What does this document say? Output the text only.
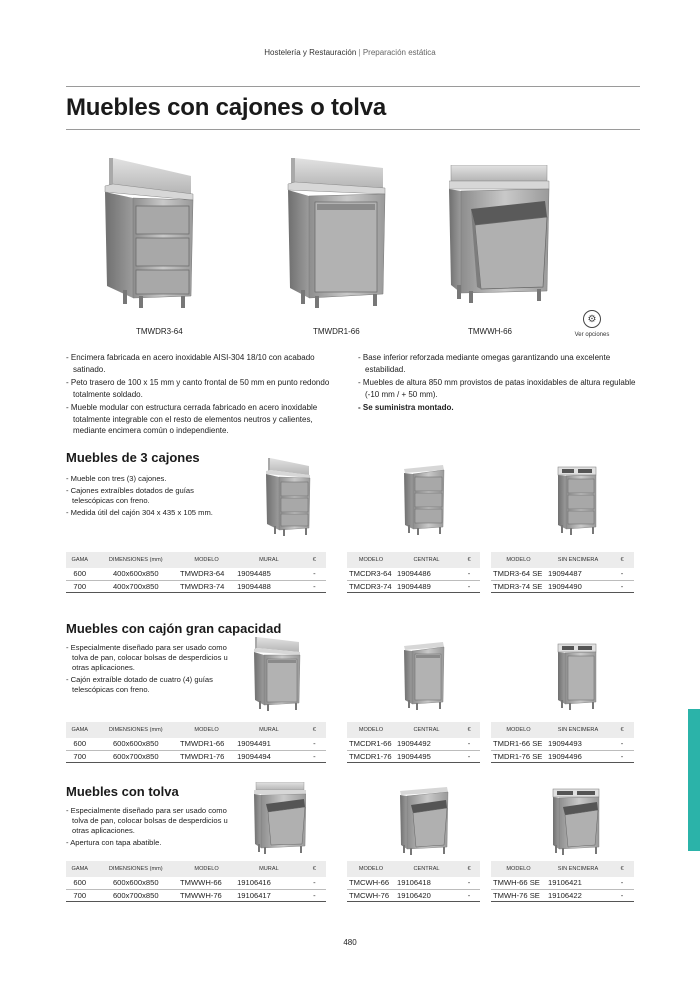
Hostelería y Restauración | Preparación estática
Muebles con cajones o tolva
TMWDR3-64	TMWDR1-66	TMWWH-66
⚙
Ver opciones
- Encimera fabricada en acero inoxidable AISI-304 18/10 con acabado satinado.
- Peto trasero de 100 x 15 mm y canto frontal de 50 mm en punto redondo totalmente soldado.
- Mueble modular con estructura cerrada fabricado en acero inoxidable totalmente integrable con el resto de elementos neutros y calientes, mediante encimera común o independiente.
- Base inferior reforzada mediante omegas garantizando una excelente estabilidad.
- Muebles de altura 850 mm provistos de patas inoxidables de altura regulable (-10 mm / + 50 mm).
- Se suministra montado.
Muebles de 3 cajones
- Mueble con tres (3) cajones.
- Cajones extraíbles dotados de guías telescópicas con freno.
- Medida útil del cajón 304 x 435 x 105 mm.
GAMA	DIMENSIONES (mm)	MODELO	MURAL	€
600	400x600x850	TMWDR3-64	19094485	-
700	400x700x850	TMWDR3-74	19094488	-
MODELO	CENTRAL	€
TMCDR3-64	19094486	-
TMCDR3-74	19094489	-
MODELO	SIN ENCIMERA	€
TMDR3-64 SE	19094487	-
TMDR3-74 SE	19094490	-
Muebles con cajón gran capacidad
- Especialmente diseñado para ser usado como tolva de pan, colocar bolsas de desperdicios u otras aplicaciones.
- Cajón extraíble dotado de cuatro (4) guías telescópicas con freno.
GAMA	DIMENSIONES (mm)	MODELO	MURAL	€
600	600x600x850	TMWDR1-66	19094491	-
700	600x700x850	TMWDR1-76	19094494	-
MODELO	CENTRAL	€
TMCDR1-66	19094492	-
TMCDR1-76	19094495	-
MODELO	SIN ENCIMERA	€
TMDR1-66 SE	19094493	-
TMDR1-76 SE	19094496	-
Muebles con tolva
- Especialmente diseñado para ser usado como tolva de pan, colocar bolsas de desperdicios u otras aplicaciones.
- Apertura con tapa abatible.
GAMA	DIMENSIONES (mm)	MODELO	MURAL	€
600	600x600x850	TMWWH-66	19106416	-
700	600x700x850	TMWWH-76	19106417	-
MODELO	CENTRAL	€
TMCWH-66	19106418	-
TMCWH-76	19106420	-
MODELO	SIN ENCIMERA	€
TMWH-66 SE	19106421	-
TMWH-76 SE	19106422	-
480
